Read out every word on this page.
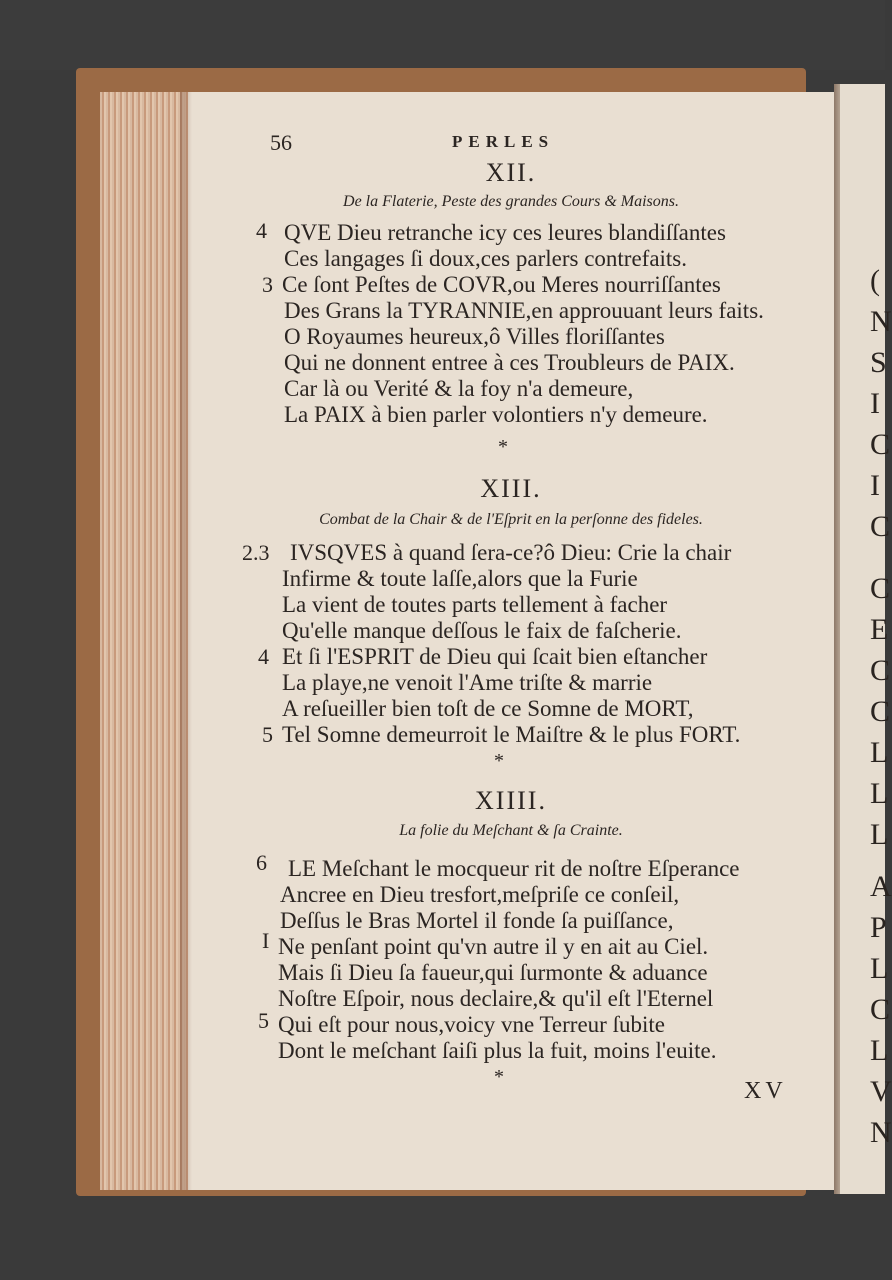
(
N
S
I
C
I
C
C
E
C
C
L
L
L
A
P
L
C
L
V
N
56	PERLES
XII.
De la Flaterie, Peste des grandes Cours & Maisons.
4
3
QVE Dieu retranche icy ces leures blandiſſantes
Ces langages ſi doux,ces parlers contrefaits.
Ce ſont Peſtes de COVR,ou Meres nourriſſantes
Des Grans la TYRANNIE,en approuuant leurs faits.
O Royaumes heureux,ô Villes floriſſantes
Qui ne donnent entree à ces Troubleurs de PAIX.
Car là ou Verité & la foy n'a demeure,
La PAIX à bien parler volontiers n'y demeure.
*
XIII.
Combat de la Chair & de l'Eſprit en la perſonne des fideles.
2.3
4
5
IVSQVES à quand ſera-ce?ô Dieu: Crie la chair
Infirme & toute laſſe,alors que la Furie
La vient de toutes parts tellement à facher
Qu'elle manque deſſous le faix de faſcherie.
Et ſi l'ESPRIT de Dieu qui ſcait bien eſtancher
La playe,ne venoit l'Ame triſte & marrie
A reſueiller bien toſt de ce Somne de MORT,
Tel Somne demeurroit le Maiſtre & le plus FORT.
*
XIIII.
La folie du Meſchant & ſa Crainte.
6
I
5
LE Meſchant le mocqueur rit de noſtre Eſperance
Ancree en Dieu tresfort,meſpriſe ce conſeil,
Deſſus le Bras Mortel il fonde ſa puiſſance,
Ne penſant point qu'vn autre il y en ait au Ciel.
Mais ſi Dieu ſa faueur,qui ſurmonte & aduance
Noſtre Eſpoir, nous declaire,& qu'il eſt l'Eternel
Qui eſt pour nous,voicy vne Terreur ſubite
Dont le meſchant ſaiſi plus la fuit, moins l'euite.
*
XV
